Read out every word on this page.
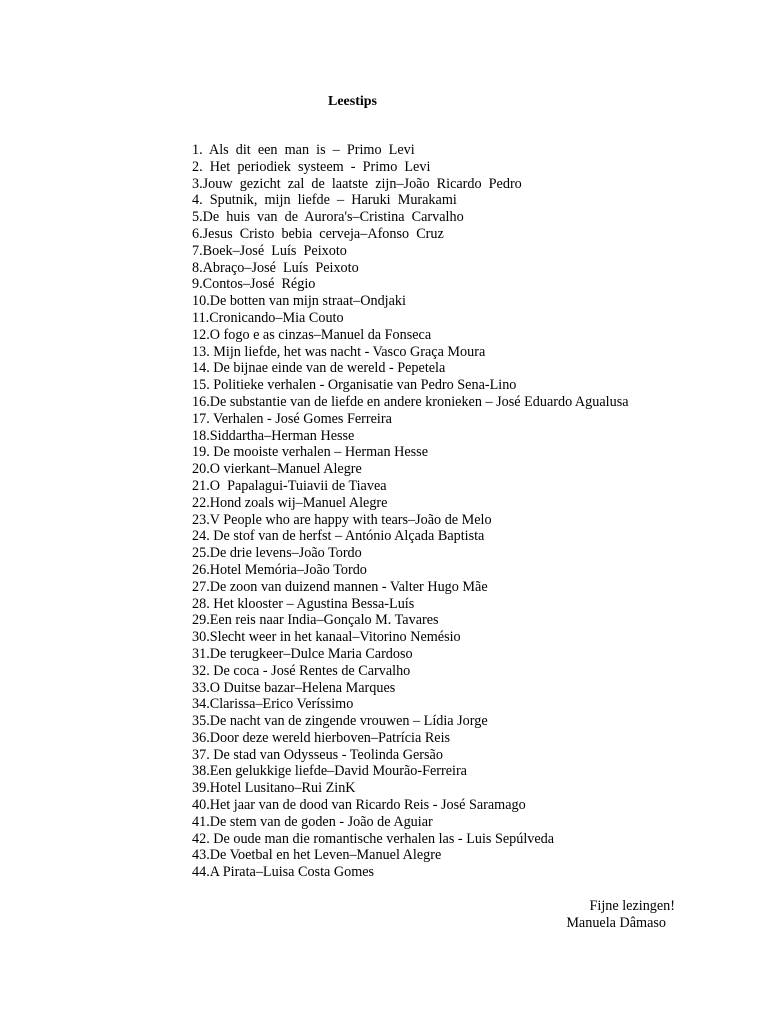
Leestips
1.  Als  dit  een  man  is  –  Primo  Levi
2.  Het  periodiek  systeem  -  Primo  Levi
3.Jouw  gezicht  zal  de  laatste  zijn–João  Ricardo  Pedro
4.  Sputnik,  mijn  liefde  –  Haruki  Murakami
5.De  huis  van  de  Aurora's–Cristina  Carvalho
6.Jesus  Cristo  bebia  cerveja–Afonso  Cruz
7.Boek–José  Luís  Peixoto
8.Abraço–José  Luís  Peixoto
9.Contos–José  Régio
10.De botten van mijn straat–Ondjaki
11.Cronicando–Mia Couto
12.O fogo e as cinzas–Manuel da Fonseca
13. Mijn liefde, het was nacht - Vasco Graça Moura
14. De bijnae einde van de wereld - Pepetela
15. Politieke verhalen - Organisatie van Pedro Sena-Lino
16.De substantie van de liefde en andere kronieken – José Eduardo Agualusa
17. Verhalen - José Gomes Ferreira
18.Siddartha–Herman Hesse
19. De mooiste verhalen – Herman Hesse
20.O vierkant–Manuel Alegre
21.O  Papalagui-Tuiavii de Tiavea
22.Hond zoals wij–Manuel Alegre
23.V People who are happy with tears–João de Melo
24. De stof van de herfst – António Alçada Baptista
25.De drie levens–João Tordo
26.Hotel Memória–João Tordo
27.De zoon van duizend mannen - Valter Hugo Mãe
28. Het klooster – Agustina Bessa-Luís
29.Een reis naar India–Gonçalo M. Tavares
30.Slecht weer in het kanaal–Vitorino Nemésio
31.De terugkeer–Dulce Maria Cardoso
32. De coca - José Rentes de Carvalho
33.O Duitse bazar–Helena Marques
34.Clarissa–Erico Veríssimo
35.De nacht van de zingende vrouwen – Lídia Jorge
36.Door deze wereld hierboven–Patrícia Reis
37. De stad van Odysseus - Teolinda Gersão
38.Een gelukkige liefde–David Mourão-Ferreira
39.Hotel Lusitano–Rui ZinK
40.Het jaar van de dood van Ricardo Reis - José Saramago
41.De stem van de goden - João de Aguiar
42. De oude man die romantische verhalen las - Luis Sepúlveda
43.De Voetbal en het Leven–Manuel Alegre
44.A Pirata–Luisa Costa Gomes
Fijne lezingen!
Manuela Dâmaso
